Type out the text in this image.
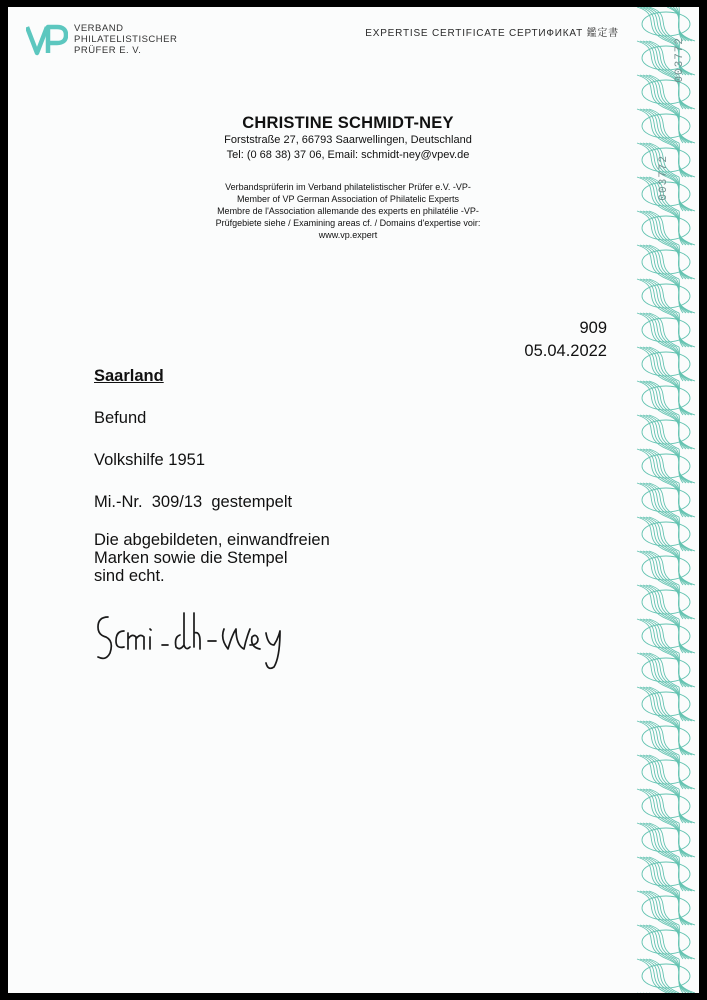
003772
003772
VERBAND
PHILATELISTISCHER
PRÜFER E. V.
EXPERTISE CERTIFICATE СЕРТИФИКАТ 鑑定書
CHRISTINE SCHMIDT-NEY
Forststraße 27, 66793 Saarwellingen, Deutschland
Tel: (0 68 38) 37 06, Email: schmidt-ney@vpev.de
Verbandsprüferin im Verband philatelistischer Prüfer e.V. -VP-
Member of VP German Association of Philatelic Experts
Membre de l'Association allemande des experts en philatélie -VP-
Prüfgebiete siehe / Examining areas cf. / Domains d'expertise voir:
www.vp.expert
909
05.04.2022
Saarland
Befund
Volkshilfe 1951
Mi.-Nr.  309/13  gestempelt
Die abgebildeten, einwandfreien
Marken sowie die Stempel
sind echt.
